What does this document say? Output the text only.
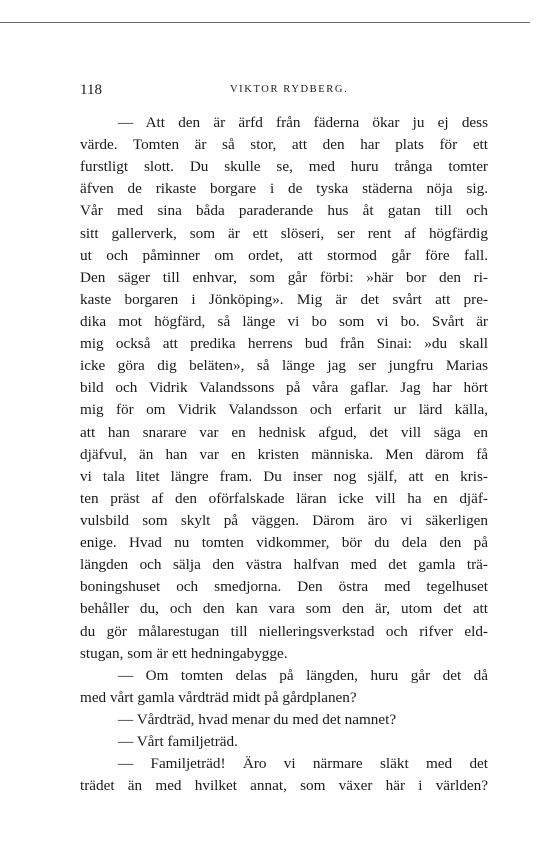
118	VIKTOR RYDBERG.
— Att den är ärfd från fäderna ökar ju ej dess
värde. Tomten är så stor, att den har plats för ett
furstligt slott. Du skulle se, med huru trånga tomter
äfven de rikaste borgare i de tyska städerna nöja sig.
Vår med sina båda paraderande hus åt gatan till och
sitt gallerverk, som är ett slöseri, ser rent af högfärdig
ut och påminner om ordet, att stormod går före fall.
Den säger till enhvar, som går förbi: »här bor den ri-
kaste borgaren i Jönköping». Mig är det svårt att pre-
dika mot högfärd, så länge vi bo som vi bo. Svårt är
mig också att predika herrens bud från Sinai: »du skall
icke göra dig beläten», så länge jag ser jungfru Marias
bild och Vidrik Valandssons på våra gaflar. Jag har hört
mig för om Vidrik Valandsson och erfarit ur lärd källa,
att han snarare var en hednisk afgud, det vill säga en
djäfvul, än han var en kristen människa. Men därom få
vi tala litet längre fram. Du inser nog själf, att en kris-
ten präst af den oförfalskade läran icke vill ha en djäf-
vulsbild som skylt på väggen. Därom äro vi säkerligen
enige. Hvad nu tomten vidkommer, bör du dela den på
längden och sälja den västra halfvan med det gamla trä-
boningshuset och smedjorna. Den östra med tegelhuset
behåller du, och den kan vara som den är, utom det att
du gör målarestugan till nielleringsverkstad och rifver eld-
stugan, som är ett hedningabygge.
— Om tomten delas på längden, huru går det då
med vårt gamla vårdträd midt på gårdplanen?
— Vårdträd, hvad menar du med det namnet?
— Vårt familjeträd.
— Familjeträd! Äro vi närmare släkt med det
trädet än med hvilket annat, som växer här i världen?
